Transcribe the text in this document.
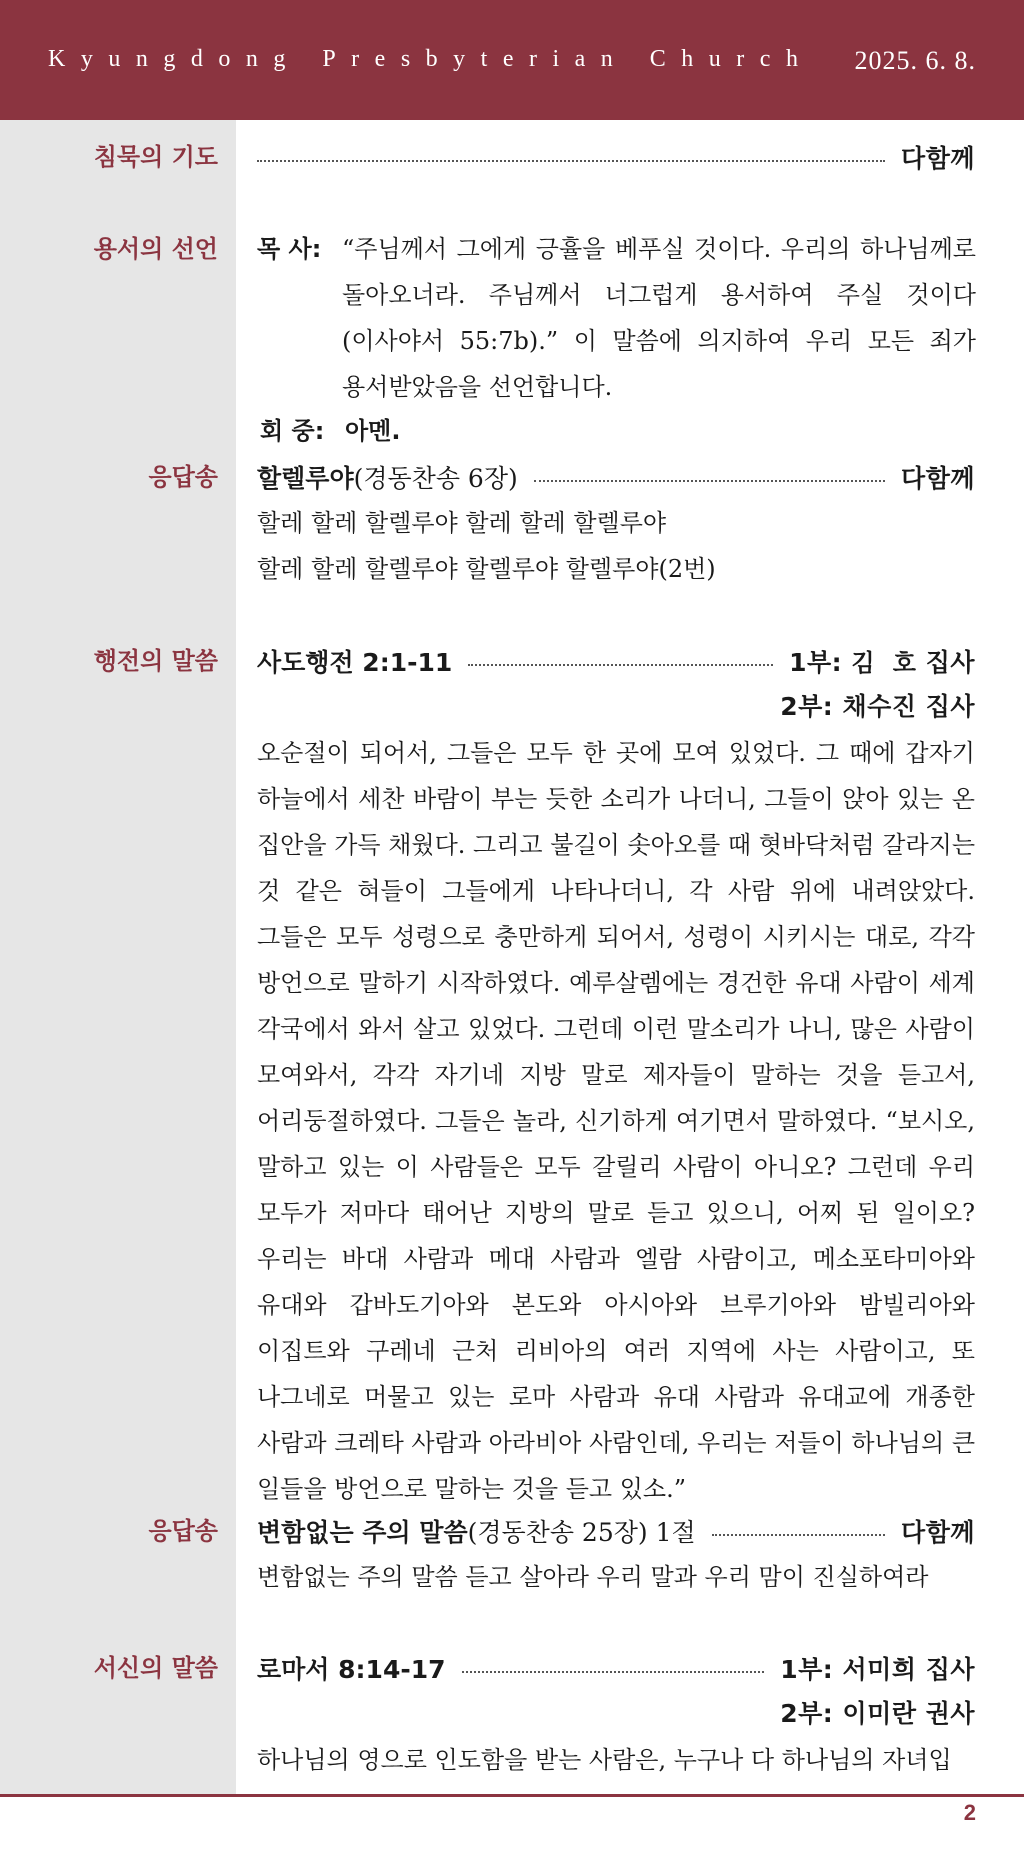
Kyungdong Presbyterian Church 2025. 6. 8.
침묵의 기도	다함께
용서의 선언 목 사: “주님께서 그에게 긍휼을 베푸실 것이다. 우리의 하나님께로 돌아오너라. 주님께서 너그럽게 용서하여 주실 것이다(이사야서 55:7b).” 이 말씀에 의지하여 우리 모든 죄가 용서받았음을 선언합니다.

회 중: 아멘.
응답송 할렐루야 (경동찬송 6장)	다함께

할레 할레 할렐루야 할레 할레 할렐루야

할레 할레 할렐루야 할렐루야 할렐루야(2번)

행전의 말씀 사도행전 2:1-11	1부: 김  호 집사
2부: 채수진 집사

오순절이 되어서, 그들은 모두 한 곳에 모여 있었다. 그 때에 갑자기 하늘에서 세찬 바람이 부는 듯한 소리가 나더니, 그들이 앉아 있는 온 집안을 가득 채웠다. 그리고 불길이 솟아오를 때 혓바닥처럼 갈라지는 것 같은 혀들이 그들에게 나타나더니, 각 사람 위에 내려앉았다. 그들은 모두 성령으로 충만하게 되어서, 성령이 시키시는 대로, 각각 방언으로 말하기 시작하였다. 예루살렘에는 경건한 유대 사람이 세계 각국에서 와서 살고 있었다. 그런데 이런 말소리가 나니, 많은 사람이 모여와서, 각각 자기네 지방 말로 제자들이 말하는 것을 듣고서, 어리둥절하였다. 그들은 놀라, 신기하게 여기면서 말하였다. “보시오, 말하고 있는 이 사람들은 모두 갈릴리 사람이 아니오? 그런데 우리 모두가 저마다 태어난 지방의 말로 듣고 있으니, 어찌 된 일이오? 우리는 바대 사람과 메대 사람과 엘람 사람이고, 메소포타미아와 유대와 갑바도기아와 본도와 아시아와 브루기아와 밤빌리아와 이집트와 구레네 근처 리비아의 여러 지역에 사는 사람이고, 또 나그네로 머물고 있는 로마 사람과 유대 사람과 유대교에 개종한 사람과 크레타 사람과 아라비아 사람인데, 우리는 저들이 하나님의 큰 일들을 방언으로 말하는 것을 듣고 있소.”

응답송 변함없는 주의 말씀 (경동찬송 25장) 1절	다함께

변함없는 주의 말씀 듣고 살아라 우리 말과 우리 맘이 진실하여라

서신의 말씀 로마서 8:14-17	1부: 서미희 집사
2부: 이미란 권사

하나님의 영으로 인도함을 받는 사람은, 누구나 다 하나님의 자녀입

2
